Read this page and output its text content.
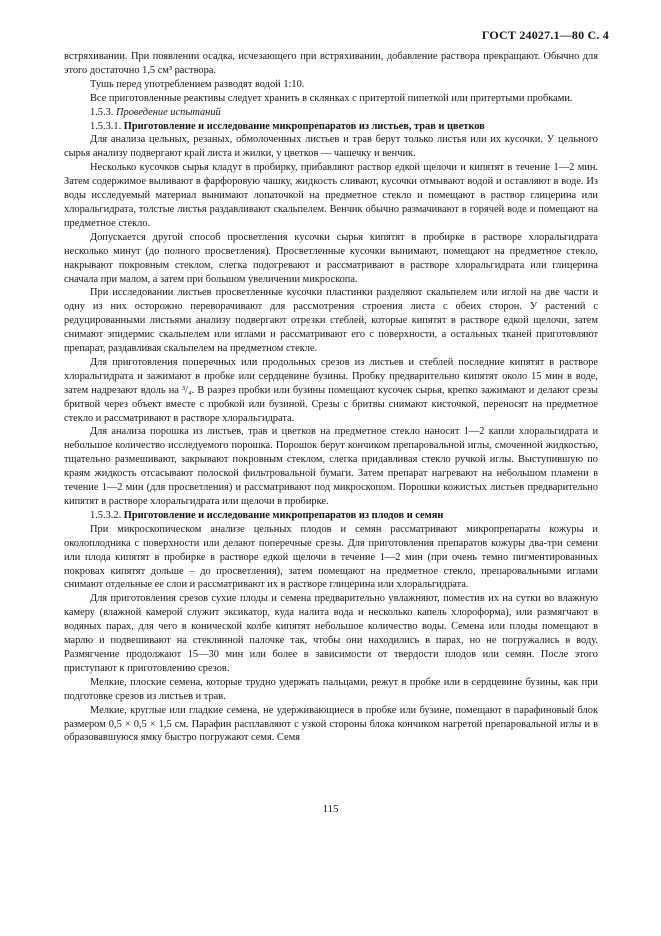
ГОСТ 24027.1—80 С. 4

встряхивании. При появлении осадка, исчезающего при встряхивании, добавление раствора прекращают. Обычно для этого достаточно 1,5 см³ раствора.

Тушь перед употреблением разводят водой 1:10.

Все приготовленные реактивы следует хранить в склянках с притертой пипеткой или притертыми пробками.

1.5.3. Проведение испытаний

1.5.3.1. Приготовление и исследование микропрепаратов из листьев, трав и цветков

Для анализа цельных, резаных, обмолоченных листьев и трав берут только листья или их кусочки. У цельного сырья анализу подвергают край листа и жилки, у цветков — чашечку и венчик.

Несколько кусочков сырья кладут в пробирку, прибавляют раствор едкой щелочи и кипятят в течение 1—2 мин. Затем содержимое выливают в фарфоровую чашку, жидкость сливают, кусочки отмывают водой и оставляют в воде. Из воды исследуемый материал вынимают лопаточкой на предметное стекло и помещают в раствор глицерина или хлоральгидрата, толстые листья раздавливают скальпелем. Венчик обычно размачивают в горячей воде и помещают на предметное стекло.

Допускается другой способ просветления кусочки сырья кипятят в пробирке в растворе хлоральгидрата несколько минут (до полного просветления). Просветленные кусочки вынимают, помещают на предметное стекло, накрывают покровным стеклом, слегка подогревают и рассматривают в растворе хлоральгидрата или глицерина сначала при малом, а затем при большом увеличении микроскопа.

При исследовании листьев просветленные кусочки пластинки разделяют скальпелем или иглой на две части и одну из них осторожно переворачивают для рассмотрения строения листа с обеих сторон. У растений с редуцированными листьями анализу подвергают отрезки стеблей, которые кипятят в растворе едкой щелочи, затем снимают эпидермис скальпелем или иглами и рассматривают его с поверхности, а остальных тканей приготовляют препарат, раздавливая скальпелем на предметном стекле.

Для приготовления поперечных или продольных срезов из листьев и стеблей последние кипятят в растворе хлоральгидрата и зажимают в пробке или сердцевине бузины. Пробку предварительно кипятят около 15 мин в воде, затем надрезают вдоль на ³/₄. В разрез пробки или бузины помещают кусочек сырья, крепко зажимают и делают срезы бритвой через объект вместе с пробкой или бузиной. Срезы с бритвы снимают кисточкой, переносят на предметное стекло и рассматривают в растворе хлоральгидрата.

Для анализа порошка из листьев, трав и цветков на предметное стекло наносят 1—2 капли хлоральгидрата и небольшое количество исследуемого порошка. Порошок берут кончиком препаровальной иглы, смоченной жидкостью, тщательно размешивают, закрывают покровным стеклом, слегка придавливая стекло ручкой иглы. Выступившую по краям жидкость отсасывают полоской фильтровальной бумаги. Затем препарат нагревают на небольшом пламени в течение 1—2 мин (для просветления) и рассматривают под микроскопом. Порошки кожистых листьев предварительно кипятят в растворе хлоральгидрата или щелочи в пробирке.

1.5.3.2. Приготовление и исследование микропрепаратов из плодов и семян

При микроскопическом анализе цельных плодов и семян рассматривают микропрепараты кожуры и околоплодника с поверхности или делают поперечные срезы. Для приготовления препаратов кожуры два-три семени или плода кипятят в пробирке в растворе едкой щелочи в течение 1—2 мин (при очень темно пигментированных покровах кипятят дольше – до просветления), затем помещают на предметное стекло, препаровальными иглами снимают отдельные ее слои и рассматривают их в растворе глицерина или хлоральгидрата.

Для приготовления срезов сухие плоды и семена предварительно увлажняют, поместив их на сутки во влажную камеру (влажной камерой служит эксикатор, куда налита вода и несколько капель хлороформа), или размягчают в водяных парах, для чего в конической колбе кипятят небольшое количество воды. Семена или плоды помещают в марлю и подвешивают на стеклянной палочке так, чтобы они находились в парах, но не погружались в воду. Размягчение продолжают 15—30 мин или более в зависимости от твердости плодов или семян. После этого приступают к приготовлению срезов.

Мелкие, плоские семена, которые трудно удержать пальцами, режут в пробке или в сердцевине бузины, как при подготовке срезов из листьев и трав.

Мелкие, круглые или гладкие семена, не удерживающиеся в пробке или бузине, помещают в парафиновый блок размером 0,5 × 0,5 × 1,5 см. Парафин расплавляют с узкой стороны блока кончиком нагретой препаровальной иглы и в образовавшуюся ямку быстро погружают семя. Семя

115
